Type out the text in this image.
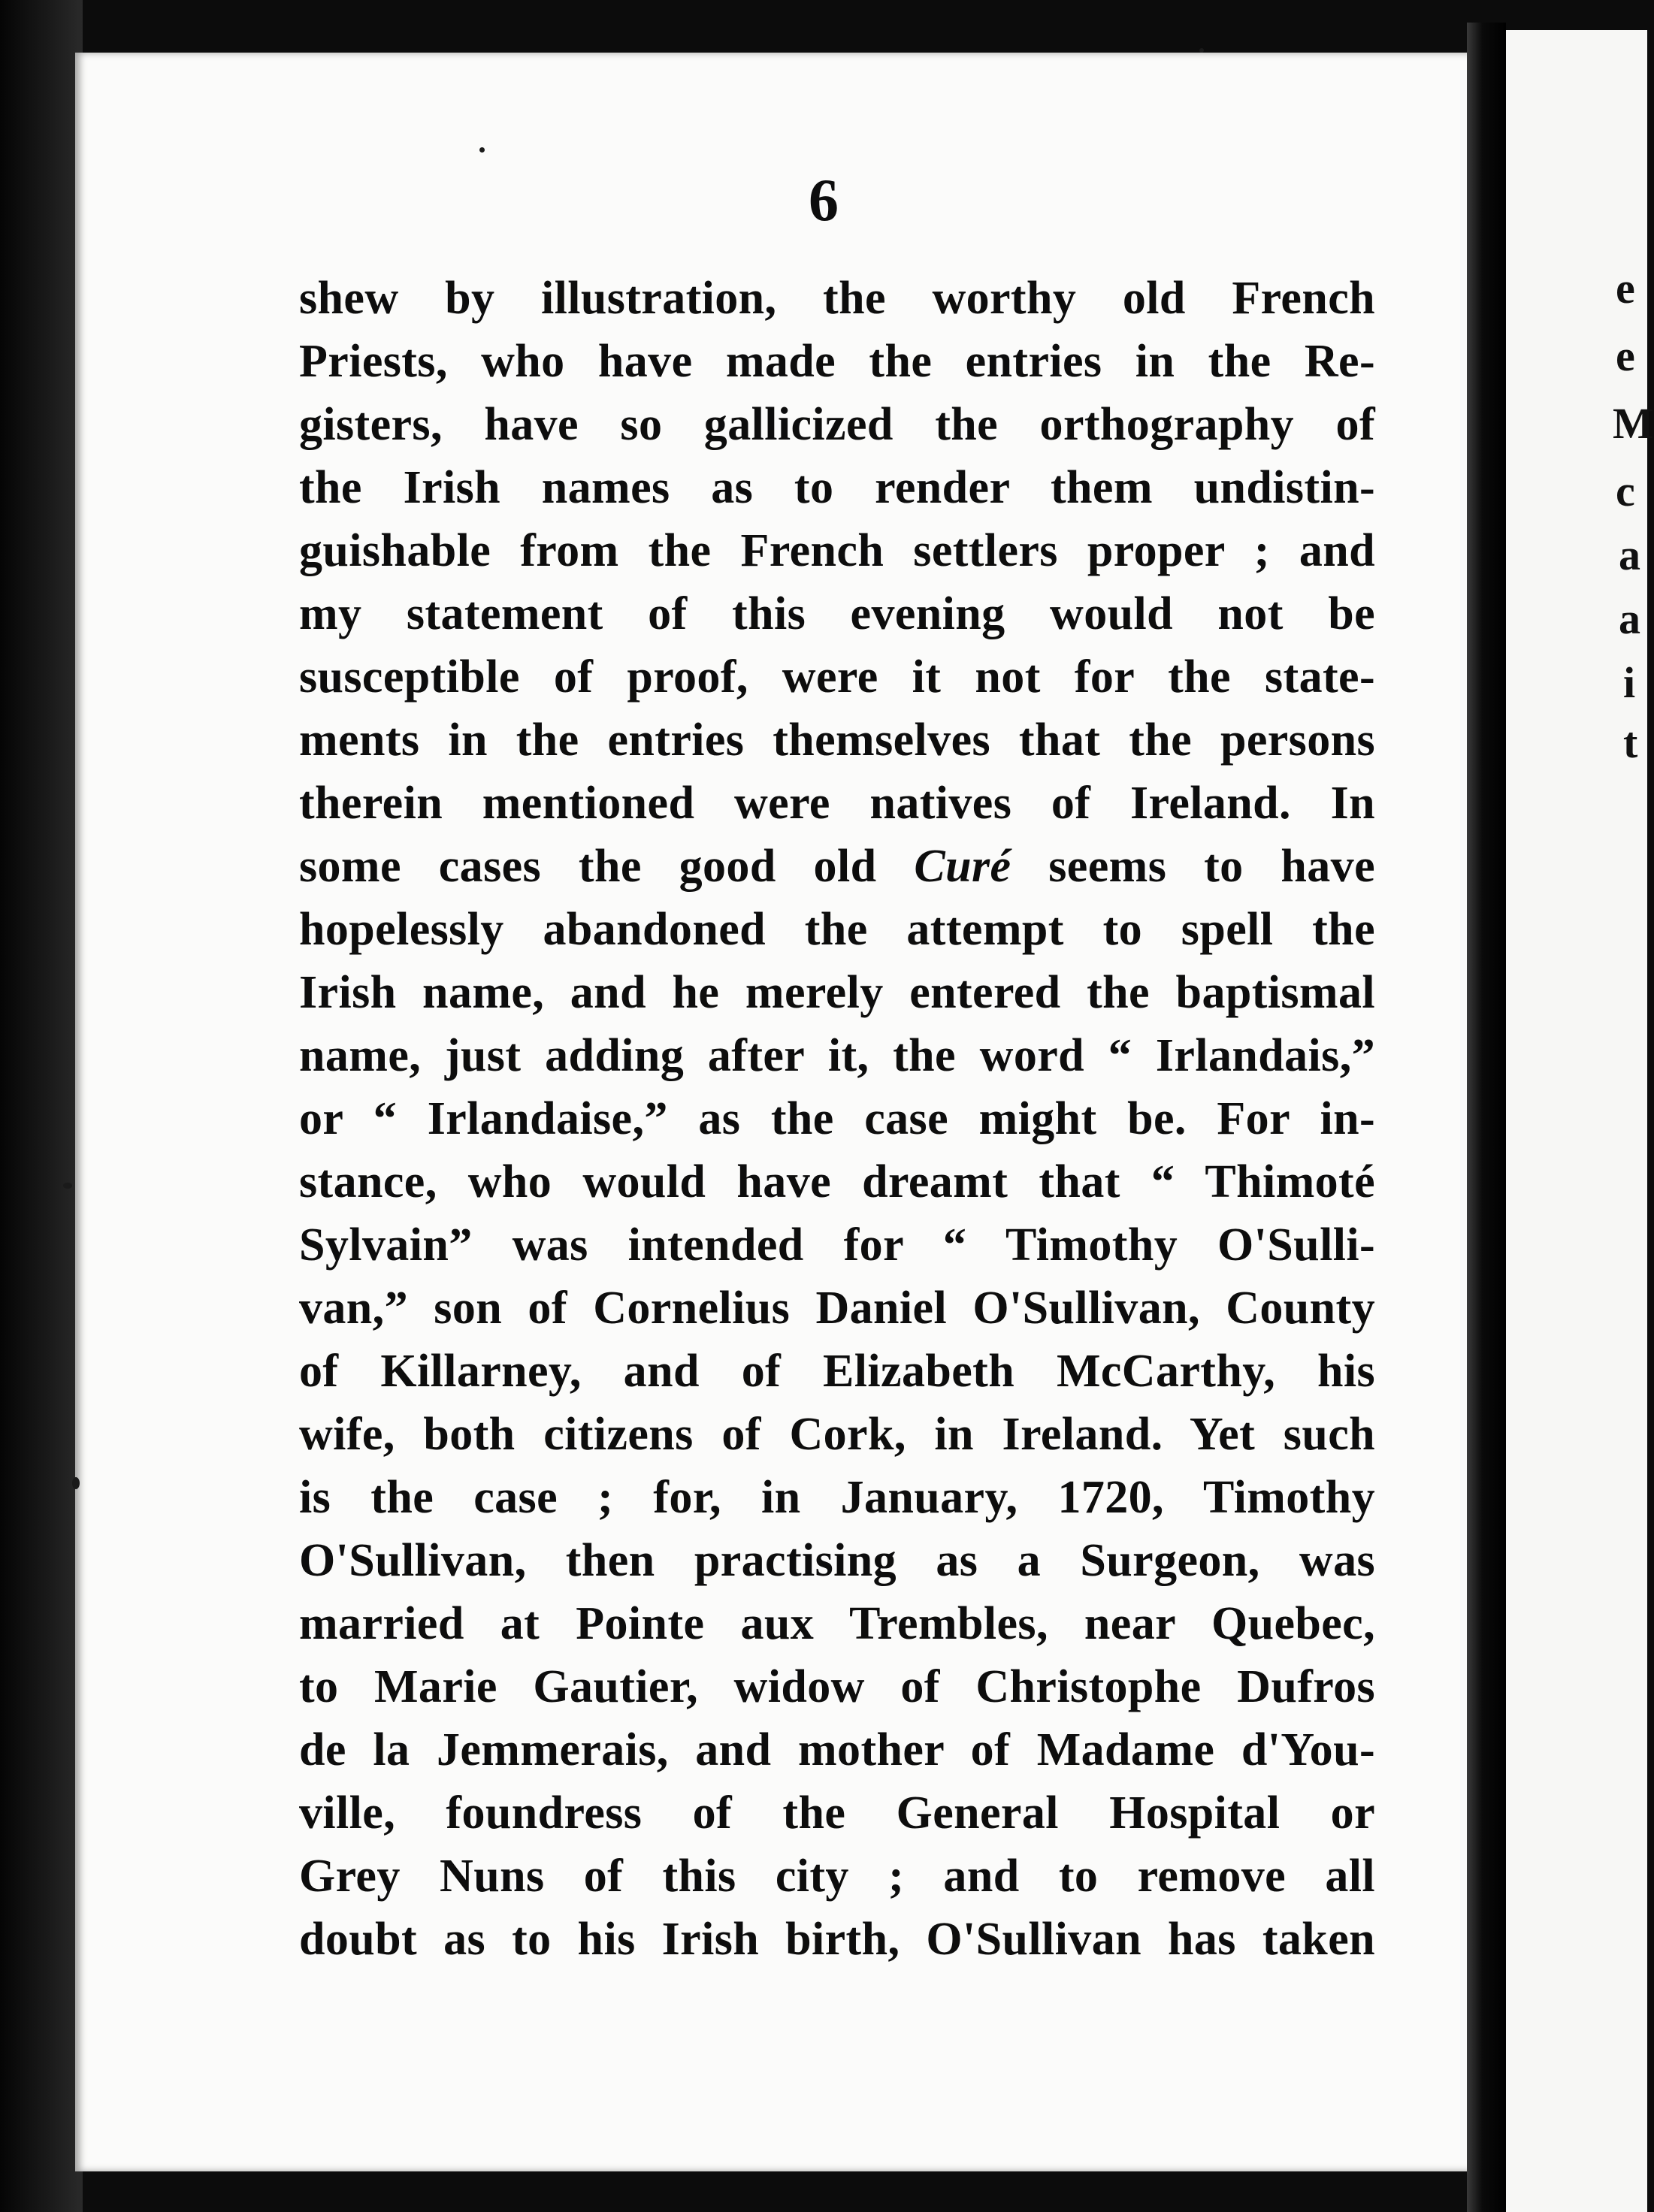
6
shew by illustration, the worthy old French
Priests, who have made the entries in the Re-
gisters, have so gallicized the orthography of
the Irish names as to render them undistin-
guishable from the French settlers proper ; and
my statement of this evening would not be
susceptible of proof, were it not for the state-
ments in the entries themselves that the persons
therein mentioned were natives of Ireland. In
some cases the good old Curé seems to have
hopelessly abandoned the attempt to spell the
Irish name, and he merely entered the baptismal
name, just adding after it, the word “ Irlandais,”
or “ Irlandaise,” as the case might be. For in-
stance, who would have dreamt that “ Thimoté
Sylvain” was intended for “ Timothy O'Sulli-
van,” son of Cornelius Daniel O'Sullivan, County
of Killarney, and of Elizabeth McCarthy, his
wife, both citizens of Cork, in Ireland. Yet such
is the case ; for, in January, 1720, Timothy
O'Sullivan, then practising as a Surgeon, was
married at Pointe aux Trembles, near Quebec,
to Marie Gautier, widow of Christophe Dufros
de la Jemmerais, and mother of Madame d'You-
ville, foundress of the General Hospital or
Grey Nuns of this city ; and to remove all
doubt as to his Irish birth, O'Sullivan has taken
e
e
M
c
a
a
i
t
